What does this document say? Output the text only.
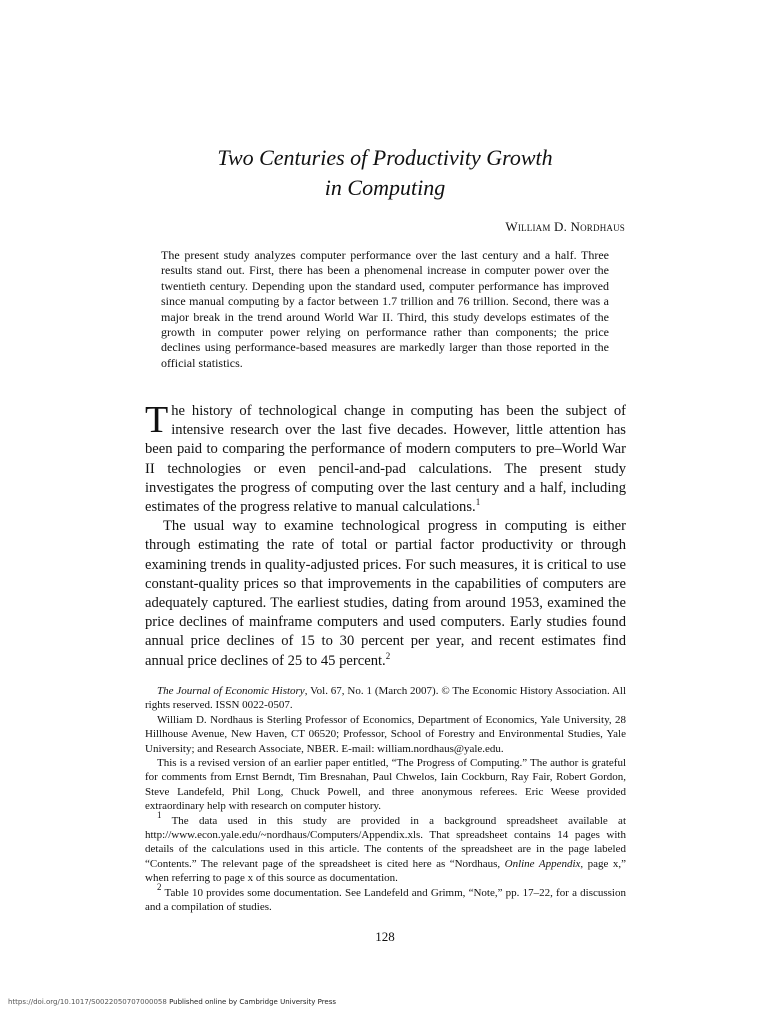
Two Centuries of Productivity Growth
in Computing
William D. Nordhaus

The present study analyzes computer performance over the last century and a half. Three results stand out. First, there has been a phenomenal increase in computer power over the twentieth century. Depending upon the standard used, computer performance has improved since manual computing by a factor between 1.7 trillion and 76 trillion. Second, there was a major break in the trend around World War II. Third, this study develops estimates of the growth in computer power relying on performance rather than components; the price declines using performance-based measures are markedly larger than those reported in the official statistics.

The history of technological change in computing has been the subject of intensive research over the last five decades. However, little attention has been paid to comparing the performance of modern computers to pre–World War II technologies or even pencil-and-pad calculations. The present study investigates the progress of computing over the last century and a half, including estimates of the progress relative to manual calculations.$^1$

The usual way to examine technological progress in computing is either through estimating the rate of total or partial factor productivity or through examining trends in quality-adjusted prices. For such measures, it is critical to use constant-quality prices so that improvements in the capabilities of computers are adequately captured. The earliest studies, dating from around 1953, examined the price declines of mainframe computers and used computers. Early studies found annual price declines of 15 to 30 percent per year, and recent estimates find annual price declines of 25 to 45 percent.$^2$

The Journal of Economic History, Vol. 67, No. 1 (March 2007). © The Economic History Association. All rights reserved. ISSN 0022-0507.

William D. Nordhaus is Sterling Professor of Economics, Department of Economics, Yale University, 28 Hillhouse Avenue, New Haven, CT 06520; Professor, School of Forestry and Environmental Studies, Yale University; and Research Associate, NBER. E-mail: william.nordhaus@yale.edu.

This is a revised version of an earlier paper entitled, “The Progress of Computing.” The author is grateful for comments from Ernst Berndt, Tim Bresnahan, Paul Chwelos, Iain Cockburn, Ray Fair, Robert Gordon, Steve Landefeld, Phil Long, Chuck Powell, and three anonymous referees. Eric Weese provided extraordinary help with research on computer history.

$^1$ The data used in this study are provided in a background spreadsheet available at http://www.econ.yale.edu/~nordhaus/Computers/Appendix.xls. That spreadsheet contains 14 pages with details of the calculations used in this article. The contents of the spreadsheet are in the page labeled “Contents.” The relevant page of the spreadsheet is cited here as “Nordhaus, Online Appendix, page x,” when referring to page x of this source as documentation.

$^2$ Table 10 provides some documentation. See Landefeld and Grimm, “Note,” pp. 17–22, for a discussion and a compilation of studies.

128
https://doi.org/10.1017/S0022050707000058 Published online by Cambridge University Press
